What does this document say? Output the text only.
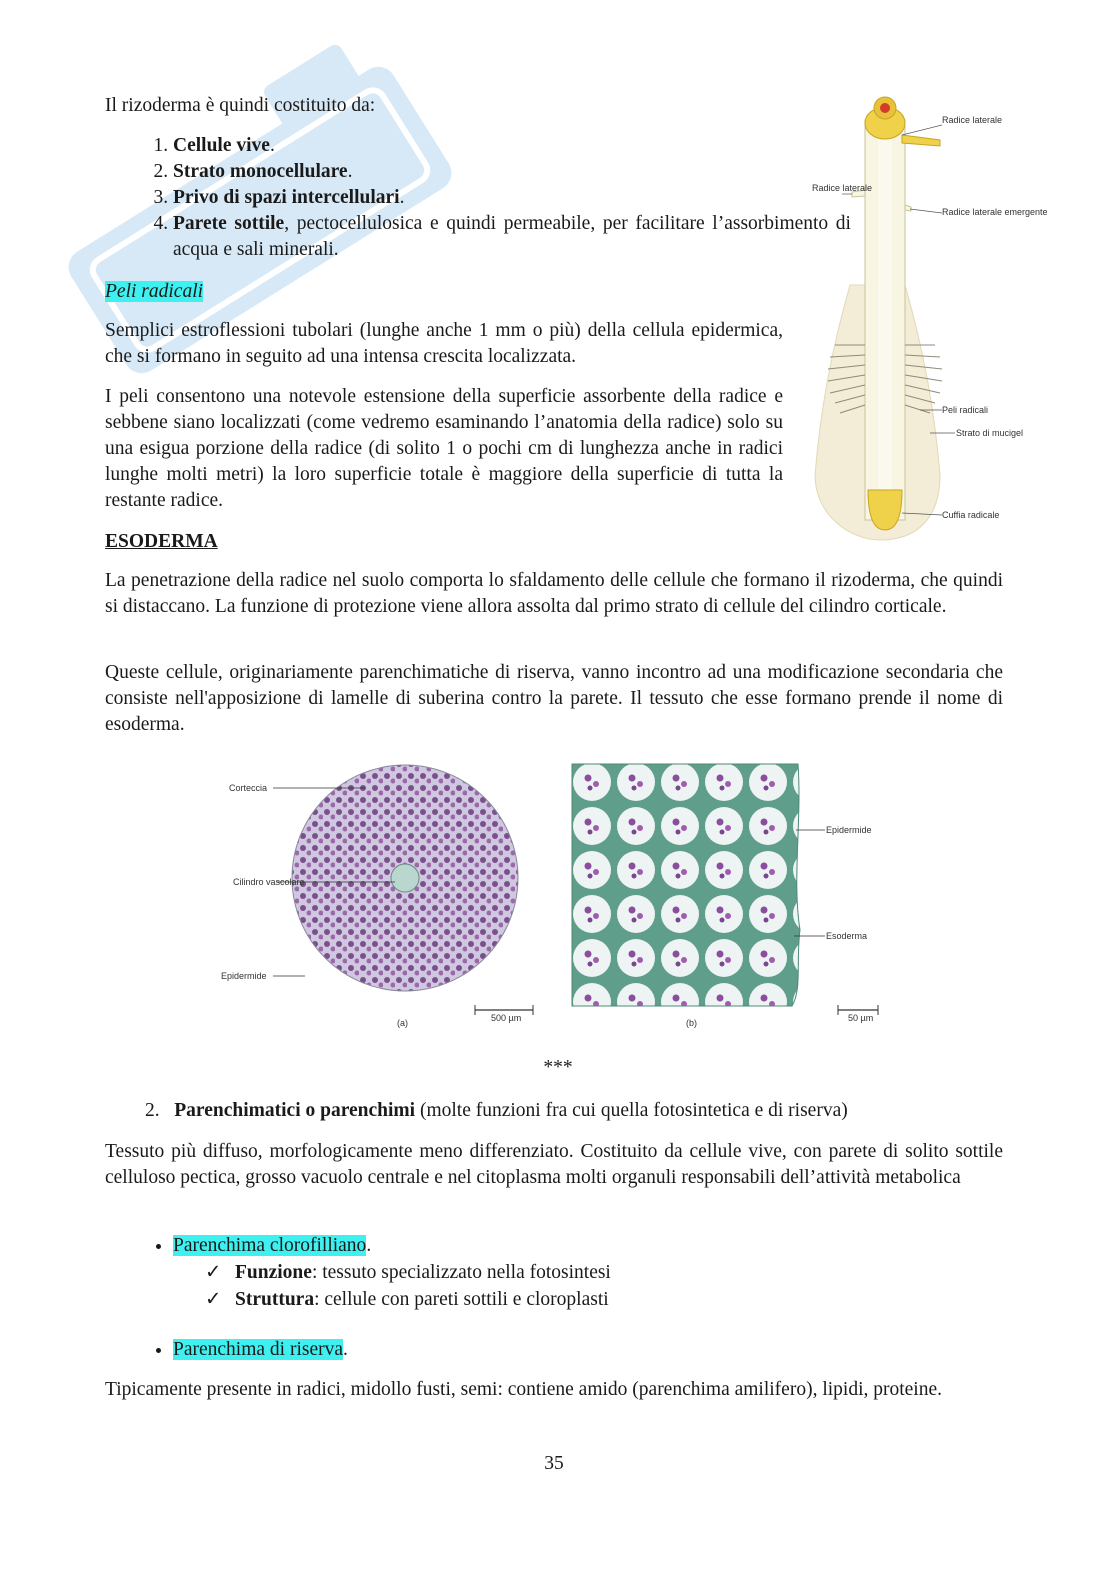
Il rizoderma è quindi costituito da:
1. Cellule vive.
2. Strato monocellulare.
3. Privo di spazi intercellulari.
4. Parete sottile, pectocellulosica e quindi permeabile, per facilitare l’assorbimento di acqua e sali minerali.
Peli radicali
Semplici estroflessioni tubolari (lunghe anche 1 mm o più) della cellula epidermica, che si formano in seguito ad una intensa crescita localizzata.
I peli consentono una notevole estensione della superficie assorbente della radice e sebbene siano localizzati (come vedremo esaminando l’anatomia della radice) solo su una esigua porzione della radice (di solito 1 o pochi cm di lunghezza anche in radici lunghe molti metri) la loro superficie totale è maggiore della superficie di tutta la restante radice.
Radice laterale
Radice laterale
Radice laterale emergente
Peli radicali
Strato di mucigel
Cuffia radicale
ESODERMA
La penetrazione della radice nel suolo comporta lo sfaldamento delle cellule che formano il rizoderma, che quindi si distaccano. La funzione di protezione viene allora assolta dal primo strato di cellule del cilindro corticale.
Queste cellule, originariamente parenchimatiche di riserva, vanno incontro ad una modificazione secondaria che consiste nell'apposizione di lamelle di suberina contro la parete. Il tessuto che esse formano prende il nome di esoderma.
Corteccia
Cilindro vascolare
Epidermide
(a)	500 µm
Epidermide
Esoderma
(b)	50 µm
***
2. Parenchimatici o parenchimi (molte funzioni fra cui quella fotosintetica e di riserva)
Tessuto più diffuso, morfologicamente meno differenziato. Costituito da cellule vive, con parete di solito sottile celluloso pectica, grosso vacuolo centrale e nel citoplasma molti organuli responsabili dell’attività metabolica
• Parenchima clorofilliano.
✓ Funzione: tessuto specializzato nella fotosintesi
✓ Struttura: cellule con pareti sottili e cloroplasti
• Parenchima di riserva.
Tipicamente presente in radici, midollo fusti, semi: contiene amido (parenchima amilifero), lipidi, proteine.
35
